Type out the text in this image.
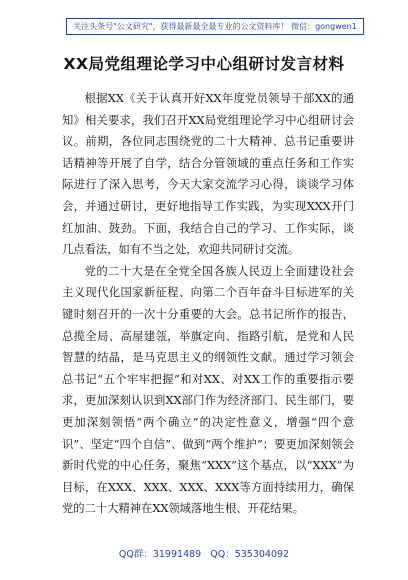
关注头条号"公文研究"，获得最新最全最专业的公文资料库！ 微信：gongwen1
XX局党组理论学习中心组研讨发言材料

根据XX《关于认真开好XX年度党员领导干部XX的通知》相关要求，我们召开XX局党组理论学习中心组研讨会议。前期，各位同志围绕党的二十大精神、总书记重要讲话精神等开展了自学，结合分管领域的重点任务和工作实际进行了深入思考，今天大家交流学习心得，谈谈学习体会，并通过研讨，更好地指导工作实践，为实现XXX开门红加油、鼓劲。下面，我结合自己的学习、工作实际，谈几点看法，如有不当之处，欢迎共同研讨交流。

党的二十大是在全党全国各族人民迈上全面建设社会主义现代化国家新征程、向第二个百年奋斗目标进军的关键时刻召开的一次十分重要的大会。总书记所作的报告，总揽全局、高屋建瓴，举旗定向、指路引航，是党和人民智慧的结晶，是马克思主义的纲领性文献。通过学习领会总书记“五个牢牢把握”和对XX、对XX工作的重要指示要求，更加深刻认识到XX部门作为经济部门、民生部门，要更加深刻领悟“两个确立”的决定性意义，增强“四个意识”、坚定“四个自信”、做到“两个维护”；要更加深刻领会新时代党的中心任务，聚焦“XXX”这个基点，以“XXX”为目标，在XXX、XXX、XXX、XXX等方面持续用力，确保党的二十大精神在XX领域落地生根、开花结果。

QQ群：31991489 QQ：535304092
